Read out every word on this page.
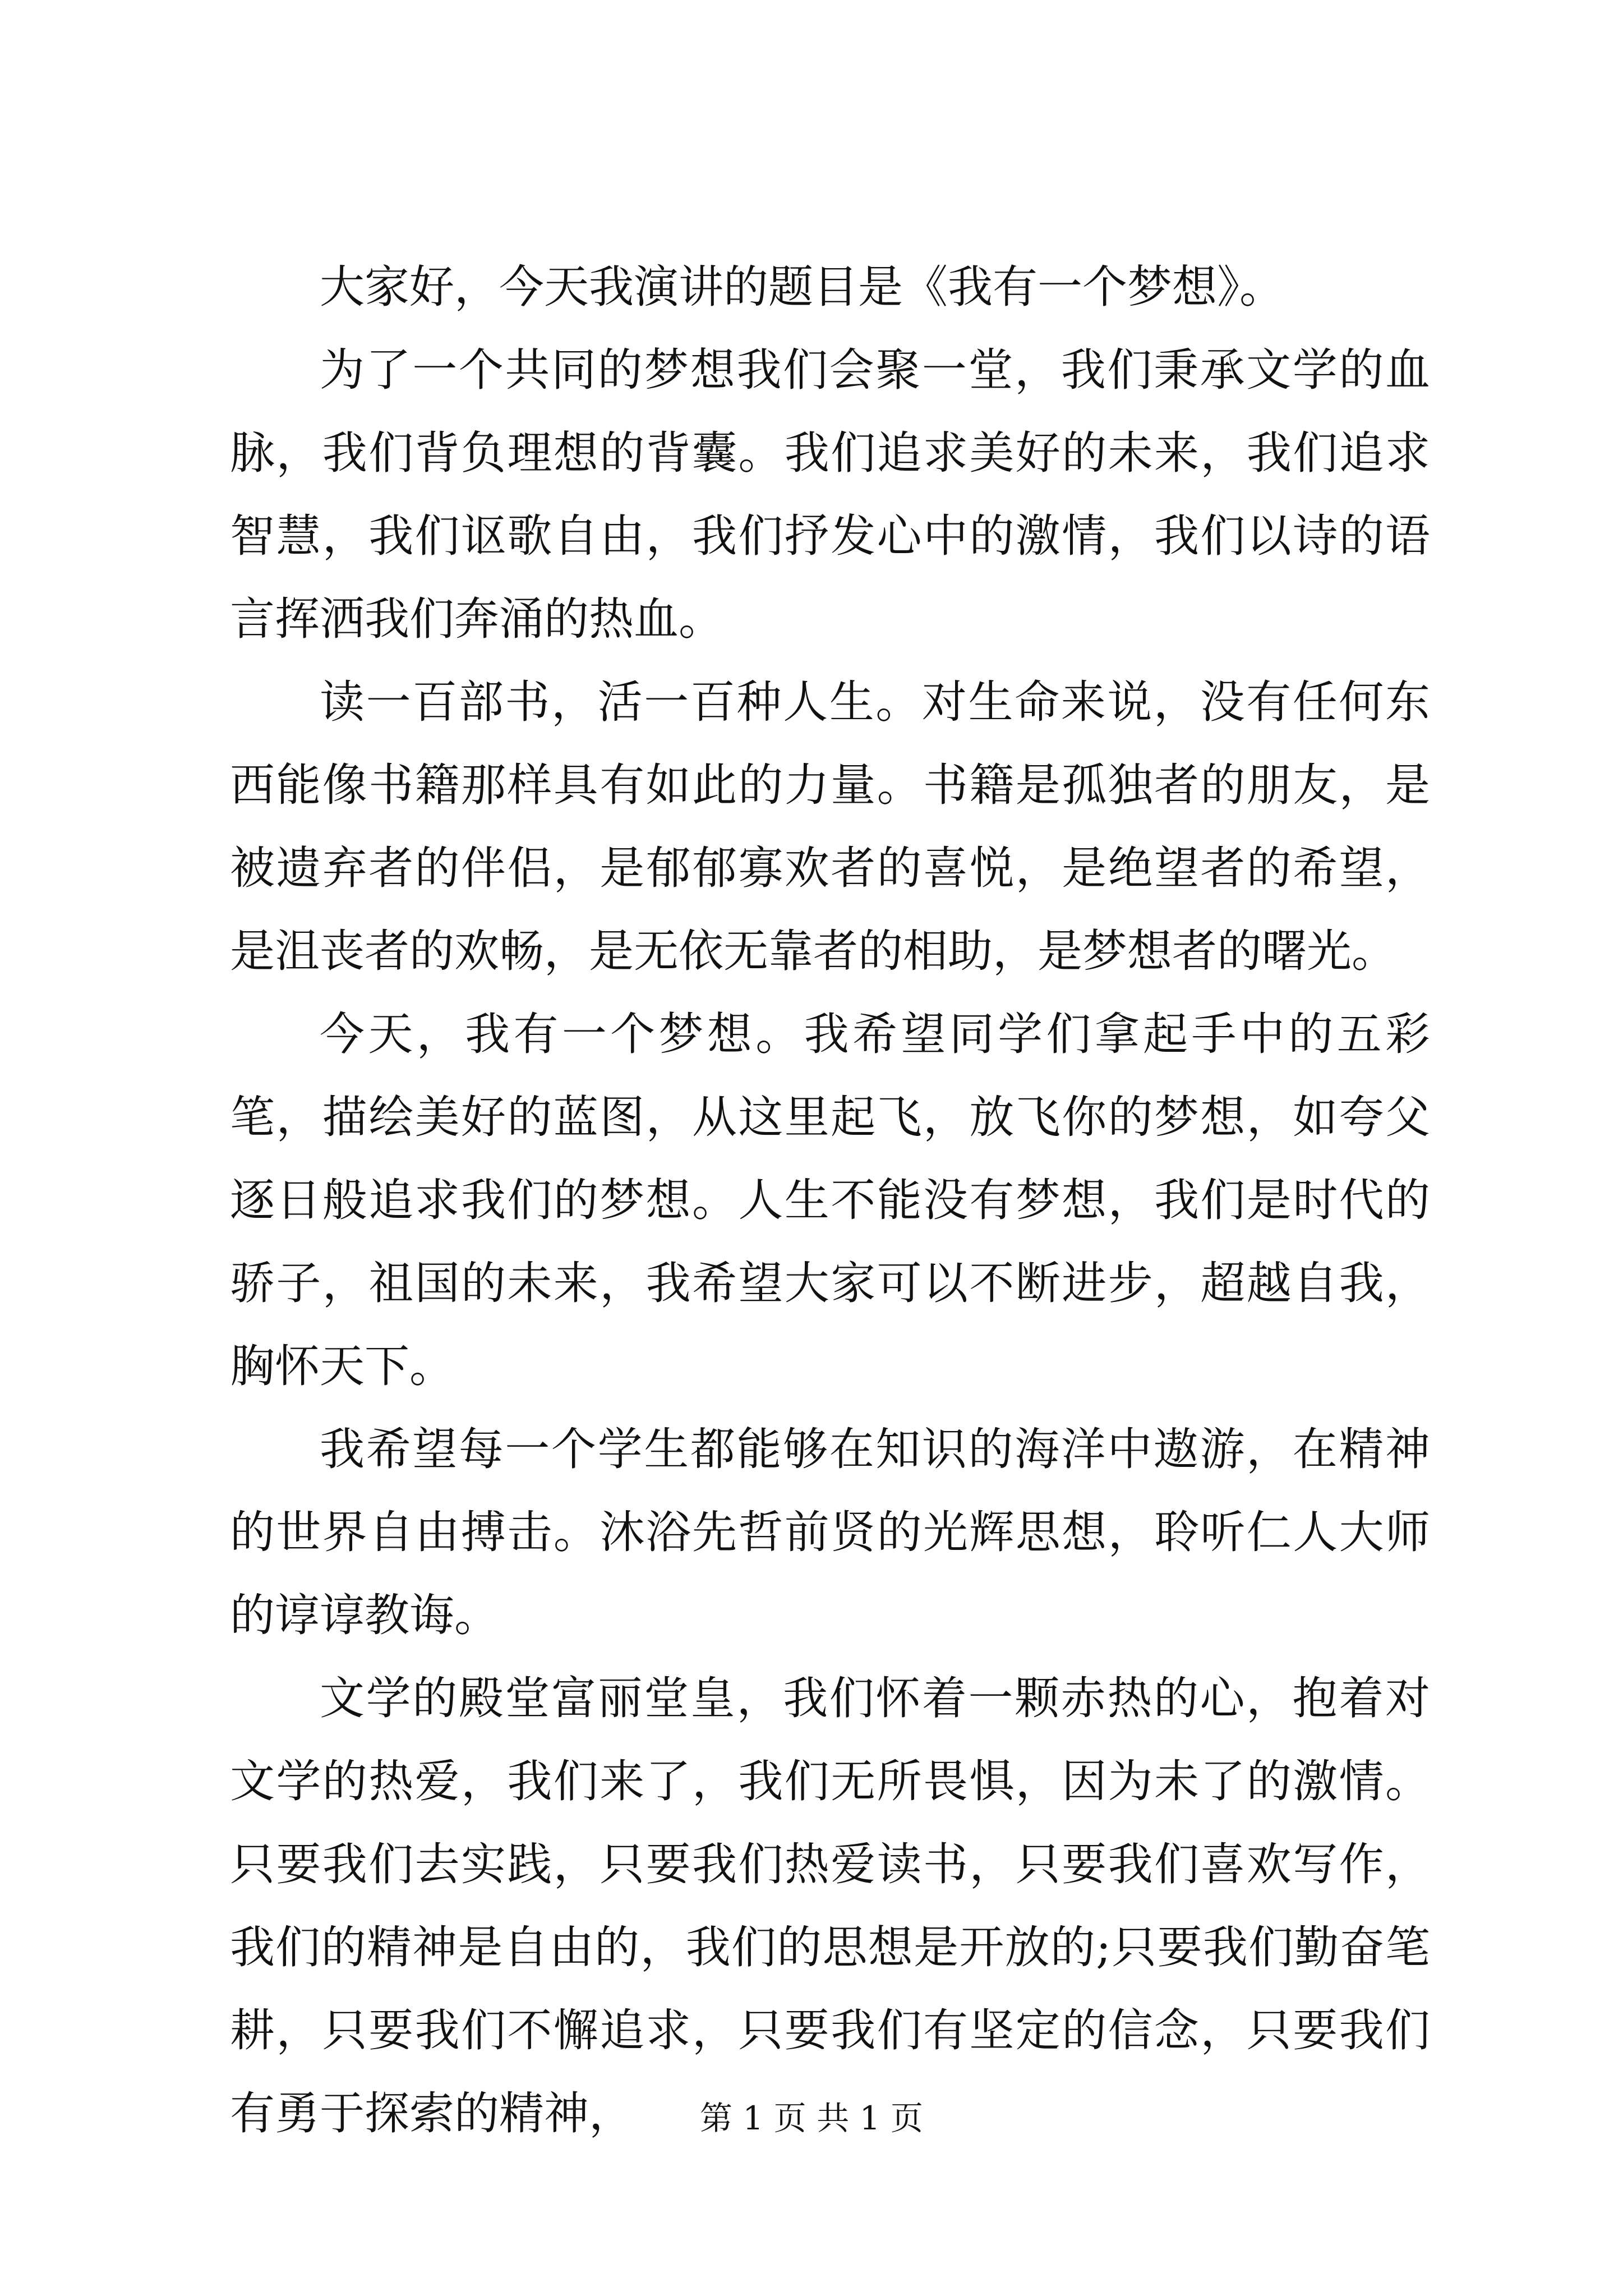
大家好，今天我演讲的题目是《我有一个梦想》。

为了一个共同的梦想我们会聚一堂，我们秉承文学的血脉，我们背负理想的背囊。我们追求美好的未来，我们追求智慧，我们讴歌自由，我们抒发心中的激情，我们以诗的语言挥洒我们奔涌的热血。

读一百部书，活一百种人生。对生命来说，没有任何东西能像书籍那样具有如此的力量。书籍是孤独者的朋友，是被遗弃者的伴侣，是郁郁寡欢者的喜悦，是绝望者的希望，是沮丧者的欢畅，是无依无靠者的相助，是梦想者的曙光。

今天，我有一个梦想。我希望同学们拿起手中的五彩笔，描绘美好的蓝图，从这里起飞，放飞你的梦想，如夸父逐日般追求我们的梦想。人生不能没有梦想，我们是时代的骄子，祖国的未来，我希望大家可以不断进步，超越自我，胸怀天下。

我希望每一个学生都能够在知识的海洋中遨游，在精神的世界自由搏击。沐浴先哲前贤的光辉思想，聆听仁人大师的谆谆教诲。

文学的殿堂富丽堂皇，我们怀着一颗赤热的心，抱着对文学的热爱，我们来了，我们无所畏惧，因为未了的激情。只要我们去实践，只要我们热爱读书，只要我们喜欢写作，我们的精神是自由的，我们的思想是开放的;只要我们勤奋笔耕，只要我们不懈追求，只要我们有坚定的信念，只要我们有勇于探索的精神，	第 1 页 共 1 页
